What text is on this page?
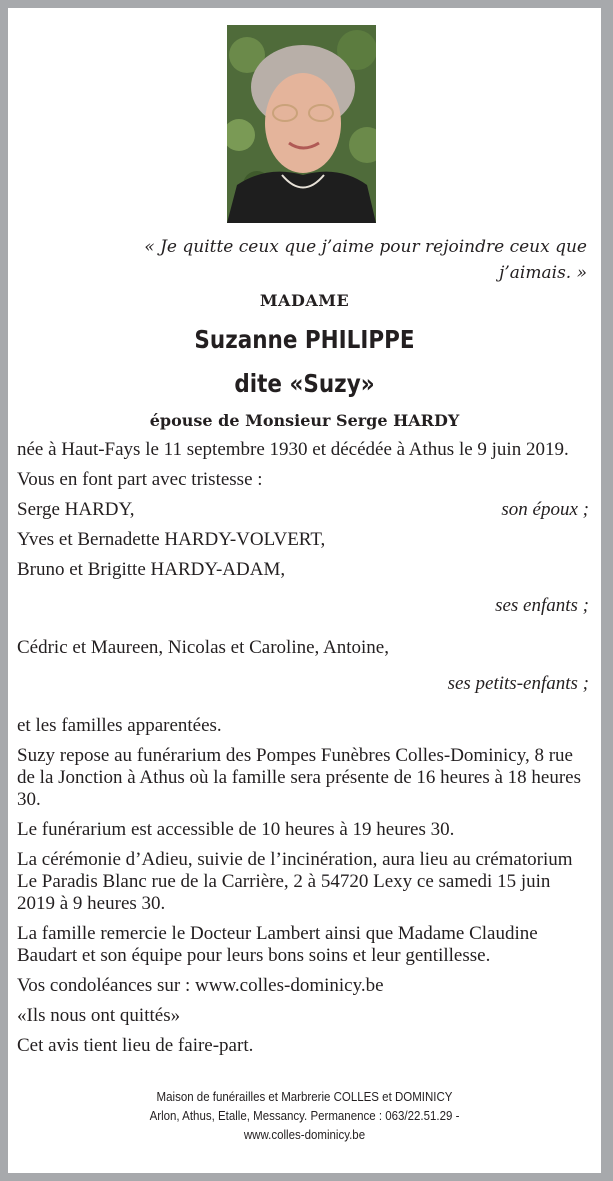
« Je quitte ceux que j’aime pour rejoindre ceux que j’aimais. »
MADAME
Suzanne PHILIPPE
dite «Suzy»
épouse de Monsieur Serge HARDY

née à Haut-Fays le 11 septembre 1930 et décédée à Athus le 9 juin 2019.

Vous en font part avec tristesse :

Serge HARDY,	son époux ;

Yves et Bernadette HARDY-VOLVERT,

Bruno et Brigitte HARDY-ADAM,

ses enfants ;

Cédric et Maureen, Nicolas et Caroline, Antoine,

ses petits-enfants ;

et les familles apparentées.

Suzy repose au funérarium des Pompes Funèbres Colles-Dominicy, 8 rue de la Jonction à Athus où la famille sera présente de 16 heures à 18 heures 30.

Le funérarium est accessible de 10 heures à 19 heures 30.

La cérémonie d’Adieu, suivie de l’incinération, aura lieu au crématorium Le Paradis Blanc rue de la Carrière, 2 à 54720 Lexy ce samedi 15 juin 2019 à 9 heures 30.

La famille remercie le Docteur Lambert ainsi que Madame Claudine Baudart et son équipe pour leurs bons soins et leur gentillesse.

Vos condoléances sur : www.colles-dominicy.be

«Ils nous ont quittés»

Cet avis tient lieu de faire-part.

Maison de funérailles et Marbrerie COLLES et DOMINICY
Arlon, Athus, Etalle, Messancy. Permanence : 063/22.51.29 -
www.colles-dominicy.be
